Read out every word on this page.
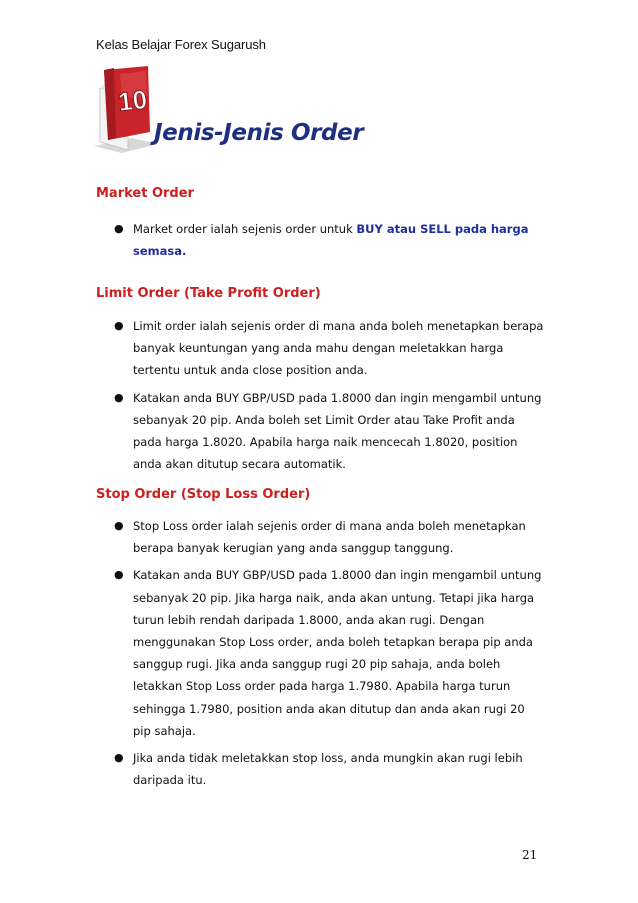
Kelas Belajar Forex Sugarush
10
Jenis-Jenis Order
Market Order
● Market order ialah sejenis order untuk BUY atau SELL pada harga semasa.
Limit Order (Take Profit Order)
● Limit order ialah sejenis order di mana anda boleh menetapkan berapa banyak keuntungan yang anda mahu dengan meletakkan harga tertentu untuk anda close position anda.
● Katakan anda BUY GBP/USD pada 1.8000 dan ingin mengambil untung sebanyak 20 pip. Anda boleh set Limit Order atau Take Profit anda pada harga 1.8020. Apabila harga naik mencecah 1.8020, position anda akan ditutup secara automatik.
Stop Order (Stop Loss Order)
● Stop Loss order ialah sejenis order di mana anda boleh menetapkan berapa banyak kerugian yang anda sanggup tanggung.
● Katakan anda BUY GBP/USD pada 1.8000 dan ingin mengambil untung sebanyak 20 pip. Jika harga naik, anda akan untung. Tetapi jika harga turun lebih rendah daripada 1.8000, anda akan rugi. Dengan menggunakan Stop Loss order, anda boleh tetapkan berapa pip anda sanggup rugi. Jika anda sanggup rugi 20 pip sahaja, anda boleh letakkan Stop Loss order pada harga 1.7980. Apabila harga turun sehingga 1.7980, position anda akan ditutup dan anda akan rugi 20 pip sahaja.
● Jika anda tidak meletakkan stop loss, anda mungkin akan rugi lebih daripada itu.
21
